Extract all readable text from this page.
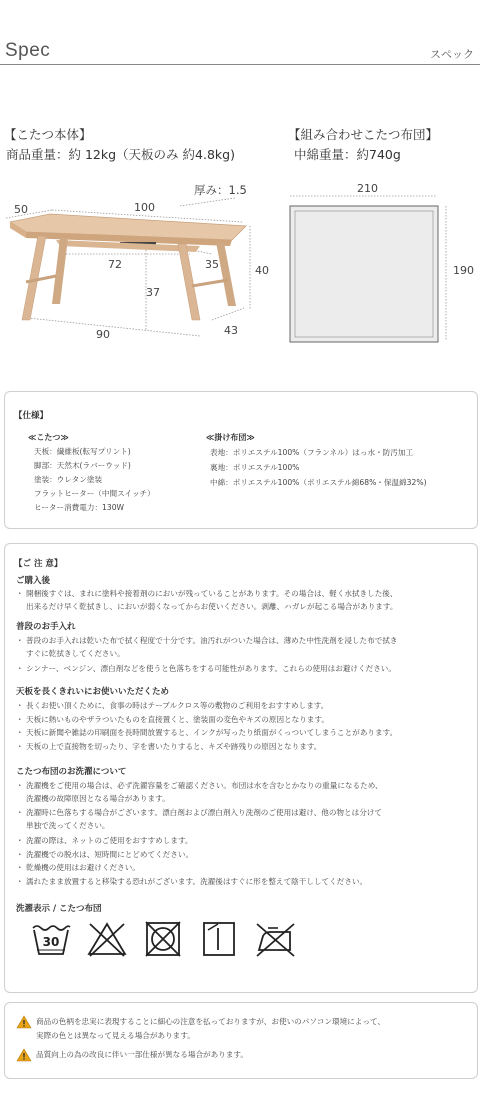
Spec	スペック
【こたつ本体】
商品重量：約 12kg（天板のみ 約4.8kg)
50	100
厚み：1.5
72	35	40
37
90	43
【組み合わせこたつ布団】
中綿重量：約740g
210
190
【仕様】
≪こたつ≫
天板：繊維板(転写プリント)
脚部：天然木(ラバーウッド)
塗装：ウレタン塗装
フラットヒーター（中間スイッチ）
ヒーター消費電力：130W
≪掛け布団≫
表地：ポリエステル100%（フランネル）はっ水・防汚加工
裏地：ポリエステル100%
中綿：ポリエステル100%（ポリエステル綿68%・保温綿32%)
【ご 注 意】
ご購入後
・ 開梱後すぐは、まれに塗料や接着剤のにおいが残っていることがあります。その場合は、軽く水拭きした後、
出来るだけ早く乾拭きし、においが弱くなってからお使いください。剥離、ハガレが起こる場合があります。
普段のお手入れ
・ 普段のお手入れは乾いた布で拭く程度で十分です。油汚れがついた場合は、薄めた中性洗剤を浸した布で拭き
すぐに乾拭きしてください。
・ シンナー、ベンジン、漂白剤などを使うと色落ちをする可能性があります。これらの使用はお避けください。
天板を長くきれいにお使いいただくため
・ 長くお使い頂くために、食事の時はテーブルクロス等の敷物のご利用をおすすめします。
・ 天板に熱いものやザラついたものを直接置くと、塗装面の変色やキズの原因となります。
・ 天板に新聞や雑誌の印刷面を長時間放置すると、インクが写ったり紙面がくっついてしまうことがあります。
・ 天板の上で直接物を切ったり、字を書いたりすると、キズや跡残りの原因となります。
こたつ布団のお洗濯について
・ 洗濯機をご使用の場合は、必ず洗濯容量をご確認ください。布団は水を含むとかなりの重量になるため、
洗濯機の故障原因となる場合があります。
・ 洗濯時に色落ちする場合がございます。漂白剤および漂白剤入り洗剤のご使用は避け、他の物とは分けて
単独で洗ってください。
・ 洗濯の際は、ネットのご使用をおすすめします。
・ 洗濯機での脱水は、短時間にとどめてください。
・ 乾燥機の使用はお避けください。
・ 濡れたまま放置すると移染する恐れがございます。洗濯後はすぐに形を整えて陰干ししてください。
洗濯表示 / こたつ布団
30
商品の色柄を忠実に表現することに細心の注意を払っておりますが、お使いのパソコン環境によって、
実際の色とは異なって見える場合があります。
品質向上の為の改良に伴い一部仕様が異なる場合があります。
